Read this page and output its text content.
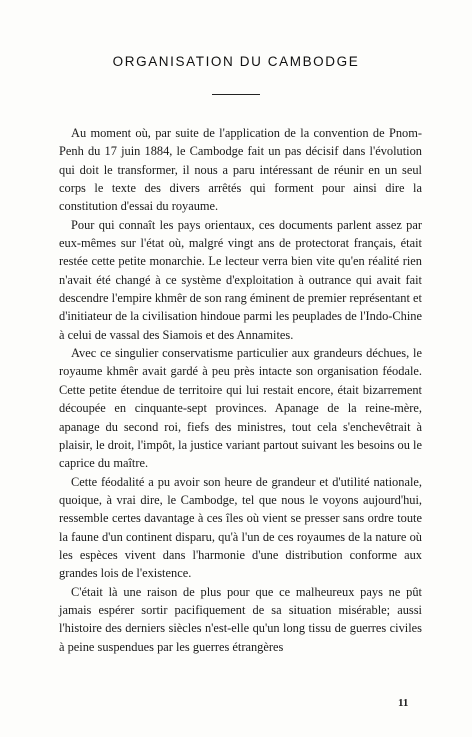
ORGANISATION DU CAMBODGE

Au moment où, par suite de l'application de la convention de Pnom-Penh du 17 juin 1884, le Cambodge fait un pas décisif dans l'évolution qui doit le transformer, il nous a paru intéressant de réunir en un seul corps le texte des divers arrêtés qui forment pour ainsi dire la constitution d'essai du royaume.

Pour qui connaît les pays orientaux, ces documents parlent assez par eux-mêmes sur l'état où, malgré vingt ans de protectorat français, était restée cette petite monarchie. Le lecteur verra bien vite qu'en réalité rien n'avait été changé à ce système d'exploitation à outrance qui avait fait descendre l'empire khmêr de son rang éminent de premier représentant et d'initiateur de la civilisation hindoue parmi les peuplades de l'Indo-Chine à celui de vassal des Siamois et des Annamites.

Avec ce singulier conservatisme particulier aux grandeurs déchues, le royaume khmêr avait gardé à peu près intacte son organisation féodale. Cette petite étendue de territoire qui lui restait encore, était bizarrement découpée en cinquante-sept provinces. Apanage de la reine-mère, apanage du second roi, fiefs des ministres, tout cela s'enchevêtrait à plaisir, le droit, l'impôt, la justice variant partout suivant les besoins ou le caprice du maître.

Cette féodalité a pu avoir son heure de grandeur et d'utilité nationale, quoique, à vrai dire, le Cambodge, tel que nous le voyons aujourd'hui, ressemble certes davantage à ces îles où vient se presser sans ordre toute la faune d'un continent disparu, qu'à l'un de ces royaumes de la nature où les espèces vivent dans l'harmonie d'une distribution conforme aux grandes lois de l'existence.

C'était là une raison de plus pour que ce malheureux pays ne pût jamais espérer sortir pacifiquement de sa situation misérable; aussi l'histoire des derniers siècles n'est-elle qu'un long tissu de guerres civiles à peine suspendues par les guerres étrangères

11
